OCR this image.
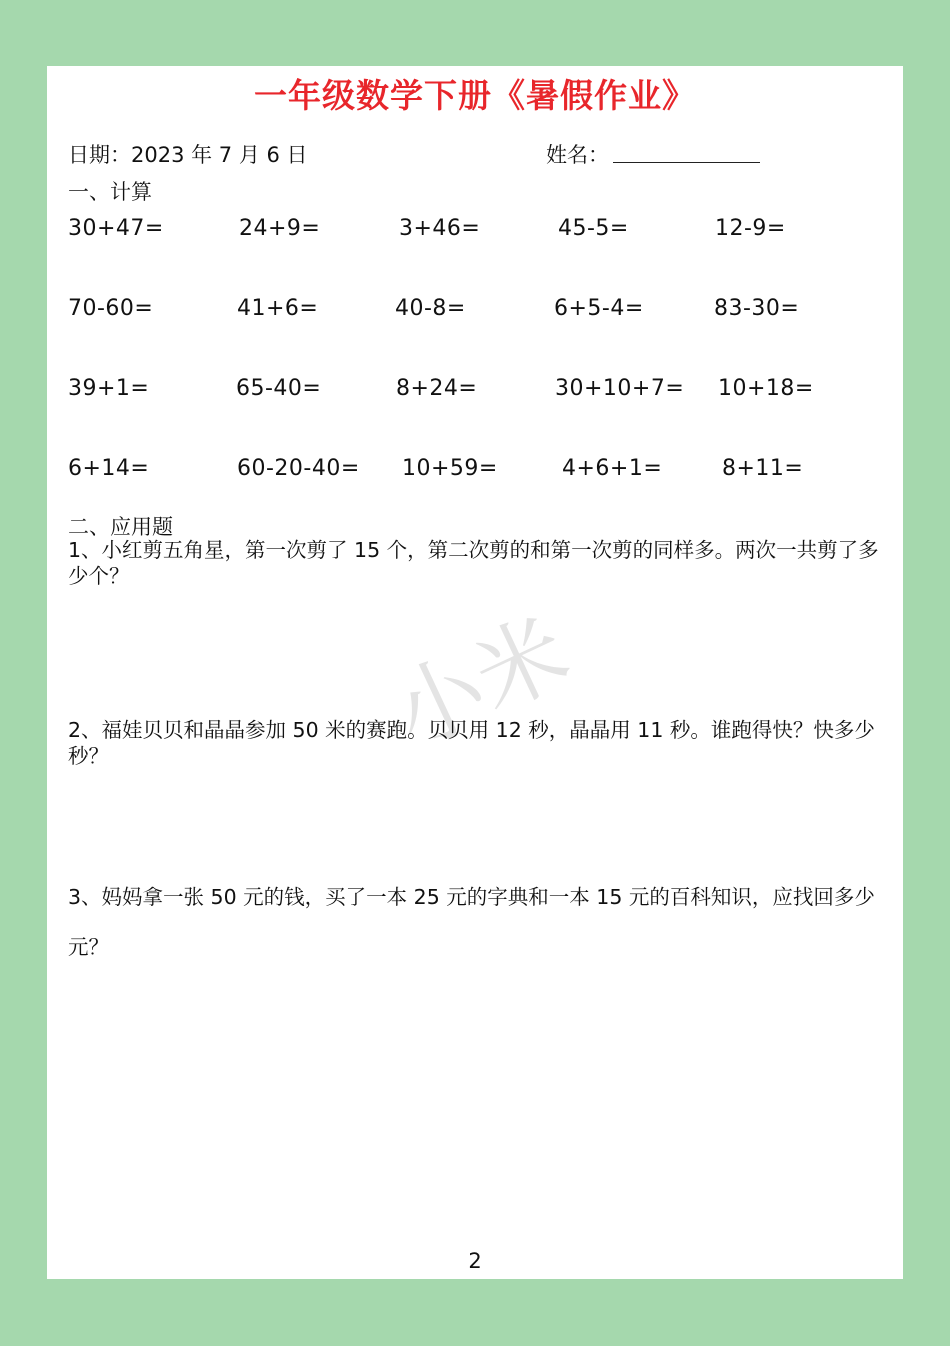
小米
一年级数学下册《暑假作业》
日期：2023 年 7 月 6 日	姓名：
一、计算
30+47=	24+9=	3+46=	45-5=	12-9=
70-60=	41+6=	40-8=	6+5-4=	83-30=
39+1=	65-40=	8+24=	30+10+7= 10+18=
6+14=	60-20-40= 10+59=	4+6+1=	8+11=
二、应用题
1、小红剪五角星，第一次剪了 15 个，第二次剪的和第一次剪的同样多。两次一共剪了多少个？
2、福娃贝贝和晶晶参加 50 米的赛跑。贝贝用 12 秒，晶晶用 11 秒。谁跑得快？快多少秒？
3、妈妈拿一张 50 元的钱，买了一本 25 元的字典和一本 15 元的百科知识，应找回多少元？
2
